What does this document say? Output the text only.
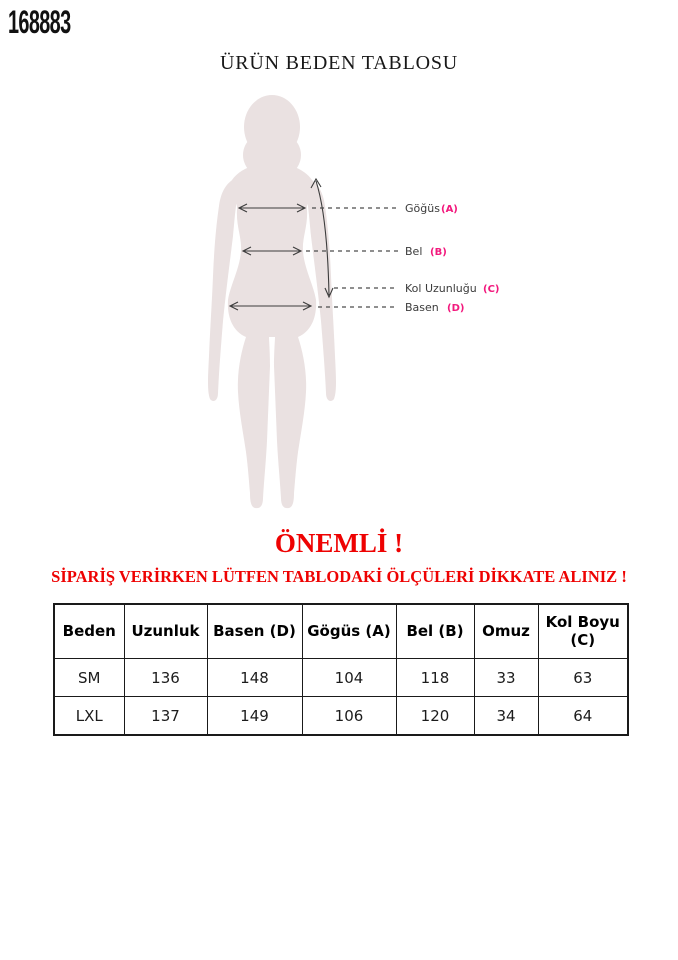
168883
ÜRÜN BEDEN TABLOSU
Göğüs (A)
Bel (B)
Kol Uzunluğu (C)
Basen (D)
ÖNEMLİ !
SİPARİŞ VERİRKEN LÜTFEN TABLODAKİ ÖLÇÜLERİ DİKKATE ALINIZ !
Beden	Uzunluk	Basen (D)	Gögüs (A)	Bel (B)	Omuz	Kol Boyu (C)
SM	136	148	104	118	33	63
LXL	137	149	106	120	34	64
